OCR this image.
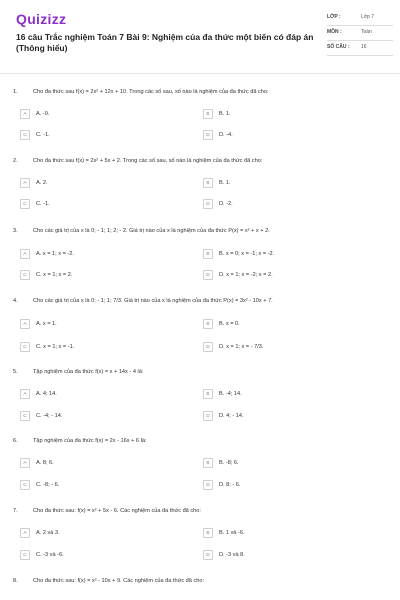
Quizizz
16 câu Trắc nghiệm Toán 7 Bài 9: Nghiệm của đa thức một biến có đáp án (Thông hiểu)
LỚP :	Lớp 7
MÔN :	Toán
SỐ CÂU :	16
1.	Cho đa thức sau f(x) = 2x² + 12x + 10. Trong các số sau, số nào là nghiệm của đa thức đã cho:
A	A. -9.	B	B. 1.
C	C. -1.	D	D. -4.
2.	Cho đa thức sau f(x) = 2x² + 5x + 2. Trong các số sau, số nào là nghiệm của đa thức đã cho:
A	A. 2.	B	B. 1.
C	C. -1.	D	D. -2.
3.	Cho các giá trị của x là 0; - 1; 1; 2; - 2. Giá trị nào của x là nghiệm của đa thức P(x) = x² + x + 2.
A	A. x = 1; x = -2.	B	B. x = 0; x = -1; x = -2.
C	C. x = 1; x = 2.	D	D. x = 1; x = -2; x = 2.
4.	Cho các giá trị của x là 0; - 1; 1; 7/3. Giá trị nào của x là nghiệm của đa thức P(x) = 3x² - 10x + 7.
A	A. x = 1.	B	B. x = 0.
C	C. x = 1; x = -1.	D	D. x = 1; x = - 7/3.
5.	Tập nghiệm của đa thức f(x) = x + 14x - 4 là:
A	A. 4; 14.	B	B. -4; 14.
C	C. -4; - 14.	D	D. 4; - 14.
6.	Tập nghiệm của đa thức f(x) = 2x - 16x + 6 là:
A	A. 8; 6.	B	B. -8; 6.
C	C. -8; - 6.	D	D. 8; - 6.
7.	Cho đa thức sau: f(x) = x² + 5x - 6. Các nghiệm của đa thức đã cho:
A	A. 2 và 3.	B	B. 1 và -6.
C	C. -3 và -6.	D	D. -3 và 8.
8.	Cho đa thức sau: f(x) = x² - 10x + 9. Các nghiệm của đa thức đã cho:
